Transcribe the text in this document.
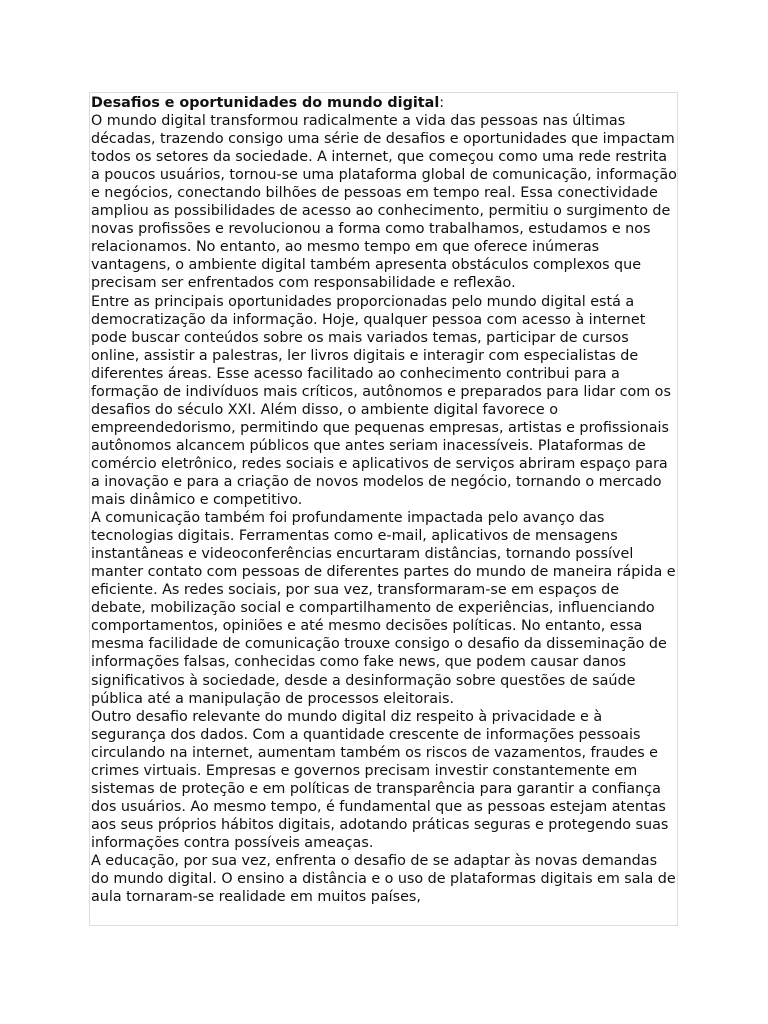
Desafios e oportunidades do mundo digital:

O mundo digital transformou radicalmente a vida das pessoas nas últimas décadas, trazendo consigo uma série de desafios e oportunidades que impactam todos os setores da sociedade. A internet, que começou como uma rede restrita a poucos usuários, tornou-se uma plataforma global de comunicação, informação e negócios, conectando bilhões de pessoas em tempo real. Essa conectividade ampliou as possibilidades de acesso ao conhecimento, permitiu o surgimento de novas profissões e revolucionou a forma como trabalhamos, estudamos e nos relacionamos. No entanto, ao mesmo tempo em que oferece inúmeras vantagens, o ambiente digital também apresenta obstáculos complexos que precisam ser enfrentados com responsabilidade e reflexão.

Entre as principais oportunidades proporcionadas pelo mundo digital está a democratização da informação. Hoje, qualquer pessoa com acesso à internet pode buscar conteúdos sobre os mais variados temas, participar de cursos online, assistir a palestras, ler livros digitais e interagir com especialistas de diferentes áreas. Esse acesso facilitado ao conhecimento contribui para a formação de indivíduos mais críticos, autônomos e preparados para lidar com os desafios do século XXI. Além disso, o ambiente digital favorece o empreendedorismo, permitindo que pequenas empresas, artistas e profissionais autônomos alcancem públicos que antes seriam inacessíveis. Plataformas de comércio eletrônico, redes sociais e aplicativos de serviços abriram espaço para a inovação e para a criação de novos modelos de negócio, tornando o mercado mais dinâmico e competitivo.

A comunicação também foi profundamente impactada pelo avanço das tecnologias digitais. Ferramentas como e-mail, aplicativos de mensagens instantâneas e videoconferências encurtaram distâncias, tornando possível manter contato com pessoas de diferentes partes do mundo de maneira rápida e eficiente. As redes sociais, por sua vez, transformaram-se em espaços de debate, mobilização social e compartilhamento de experiências, influenciando comportamentos, opiniões e até mesmo decisões políticas. No entanto, essa mesma facilidade de comunicação trouxe consigo o desafio da disseminação de informações falsas, conhecidas como fake news, que podem causar danos significativos à sociedade, desde a desinformação sobre questões de saúde pública até a manipulação de processos eleitorais.

Outro desafio relevante do mundo digital diz respeito à privacidade e à segurança dos dados. Com a quantidade crescente de informações pessoais circulando na internet, aumentam também os riscos de vazamentos, fraudes e crimes virtuais. Empresas e governos precisam investir constantemente em sistemas de proteção e em políticas de transparência para garantir a confiança dos usuários. Ao mesmo tempo, é fundamental que as pessoas estejam atentas aos seus próprios hábitos digitais, adotando práticas seguras e protegendo suas informações contra possíveis ameaças.

A educação, por sua vez, enfrenta o desafio de se adaptar às novas demandas do mundo digital. O ensino a distância e o uso de plataformas digitais em sala de aula tornaram-se realidade em muitos países,
